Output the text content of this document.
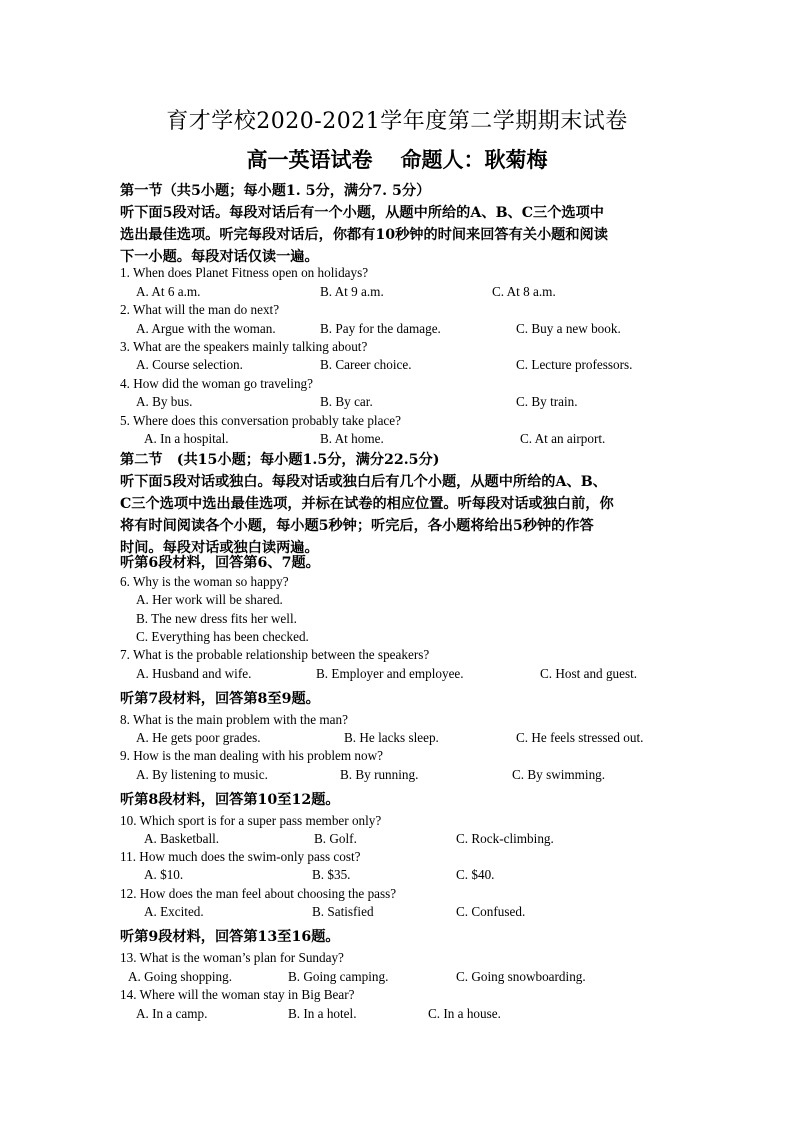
育才学校2020-2021学年度第二学期期末试卷
高一英语试卷 命题人：耿菊梅
第一节（共5小题；每小题1. 5分，满分7. 5分）
听下面5段对话。每段对话后有一个小题，从题中所给的A、B、C三个选项中
选出最佳选项。听完每段对话后，你都有10秒钟的时间来回答有关小题和阅读
下一小题。每段对话仅读一遍。
1. When does Planet Fitness open on holidays?
A. At 6 a.m.	B. At 9 a.m.	C. At 8 a.m.
2. What will the man do next?
A. Argue with the woman.	B. Pay for the damage.	C. Buy a new book.
3. What are the speakers mainly talking about?
A. Course selection.	B. Career choice.	C. Lecture professors.
4. How did the woman go traveling?
A. By bus.	B. By car.	C. By train.
5. Where does this conversation probably take place?
A. In a hospital.	B. At home.	C. At an airport.
第二节　(共15小题；每小题1.5分，满分22.5分)
听下面5段对话或独白。每段对话或独白后有几个小题，从题中所给的A、B、
C三个选项中选出最佳选项，并标在试卷的相应位置。听每段对话或独白前，你
将有时间阅读各个小题，每小题5秒钟；听完后，各小题将给出5秒钟的作答
时间。每段对话或独白读两遍。
听第6段材料，回答第6、7题。
6. Why is the woman so happy?
A. Her work will be shared.
B. The new dress fits her well.
C. Everything has been checked.
7. What is the probable relationship between the speakers?
A. Husband and wife.	B. Employer and employee.	C. Host and guest.
听第7段材料，回答第8至9题。
8. What is the main problem with the man?
A. He gets poor grades.	B. He lacks sleep.	C. He feels stressed out.
9. How is the man dealing with his problem now?
A. By listening to music.	B. By running.	C. By swimming.
听第8段材料，回答第10至12题。
10. Which sport is for a super pass member only?
A. Basketball.	B. Golf.	C. Rock-climbing.
11. How much does the swim-only pass cost?
A. $10.	B. $35.	C. $40.
12. How does the man feel about choosing the pass?
A. Excited.	B. Satisfied	C. Confused.
听第9段材料，回答第13至16题。
13. What is the woman’s plan for Sunday?
A. Going shopping.	B. Going camping.	C. Going snowboarding.
14. Where will the woman stay in Big Bear?
A. In a camp.	B. In a hotel.	C. In a house.
